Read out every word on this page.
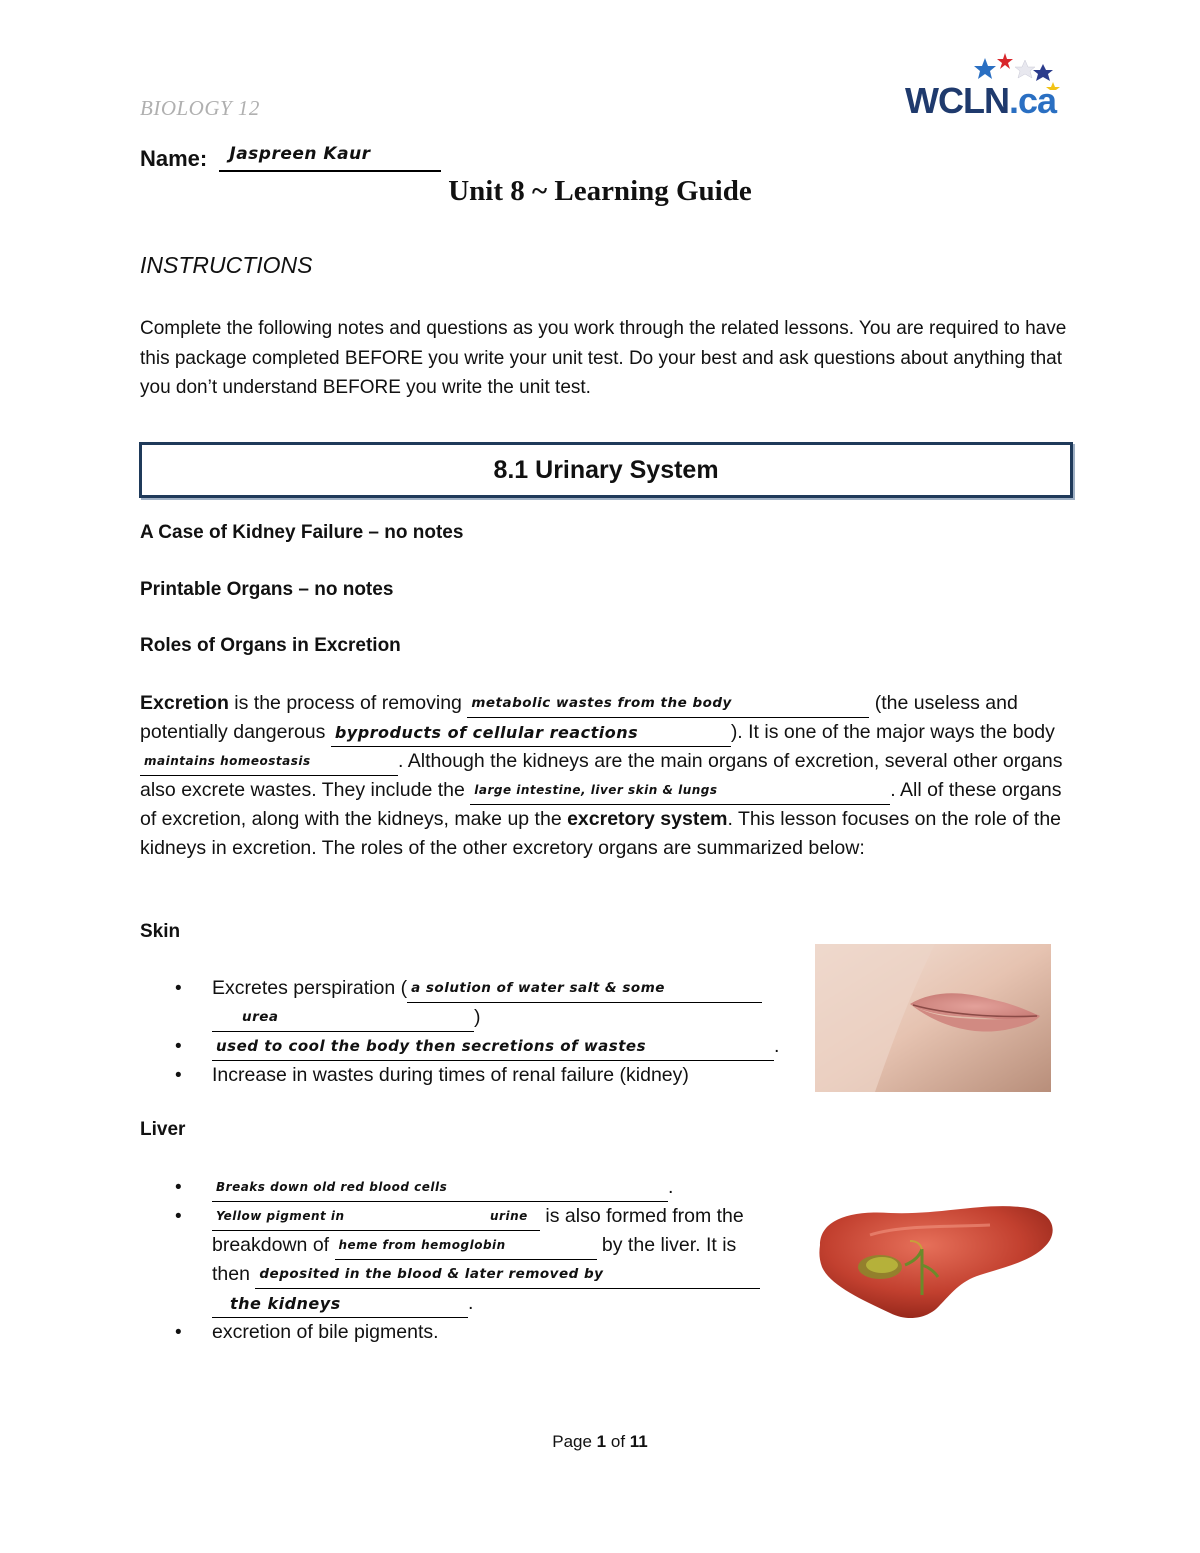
BIOLOGY 12	WCLN.ca
Name: Jaspreen Kaur
Unit 8 ~ Learning Guide
INSTRUCTIONS
Complete the following notes and questions as you work through the related lessons. You are required to have this package completed BEFORE you write your unit test. Do your best and ask questions about anything that you don’t understand BEFORE you write the unit test.
8.1 Urinary System
A Case of Kidney Failure – no notes
Printable Organs – no notes
Roles of Organs in Excretion
Excretion is the process of removing metabolic wastes from the body	(the useless and potentially dangerous byproducts of cellular reactions	). It is one of the major ways the body
maintains homeostasis	. Although the kidneys are the main organs of excretion, several other organs also excrete wastes. They include the large intestine, liver skin & lungs	. All of these organs of excretion, along with the kidneys, make up the excretory system. This lesson focuses on the role of the kidneys in excretion. The roles of the other excretory organs are summarized below:
Skin
• Excretes perspiration ( a solution of water salt & some
urea	)
• used to cool the body then secretions of wastes	.
• Increase in wastes during times of renal failure (kidney)
Liver
• Breaks down old red blood cells	.
• Yellow pigment in	urine is also formed from the breakdown of heme from hemoglobin	by the liver. It is then deposited in the blood & later removed by

the kidneys	.
• excretion of bile pigments.
Page 1 of 11
